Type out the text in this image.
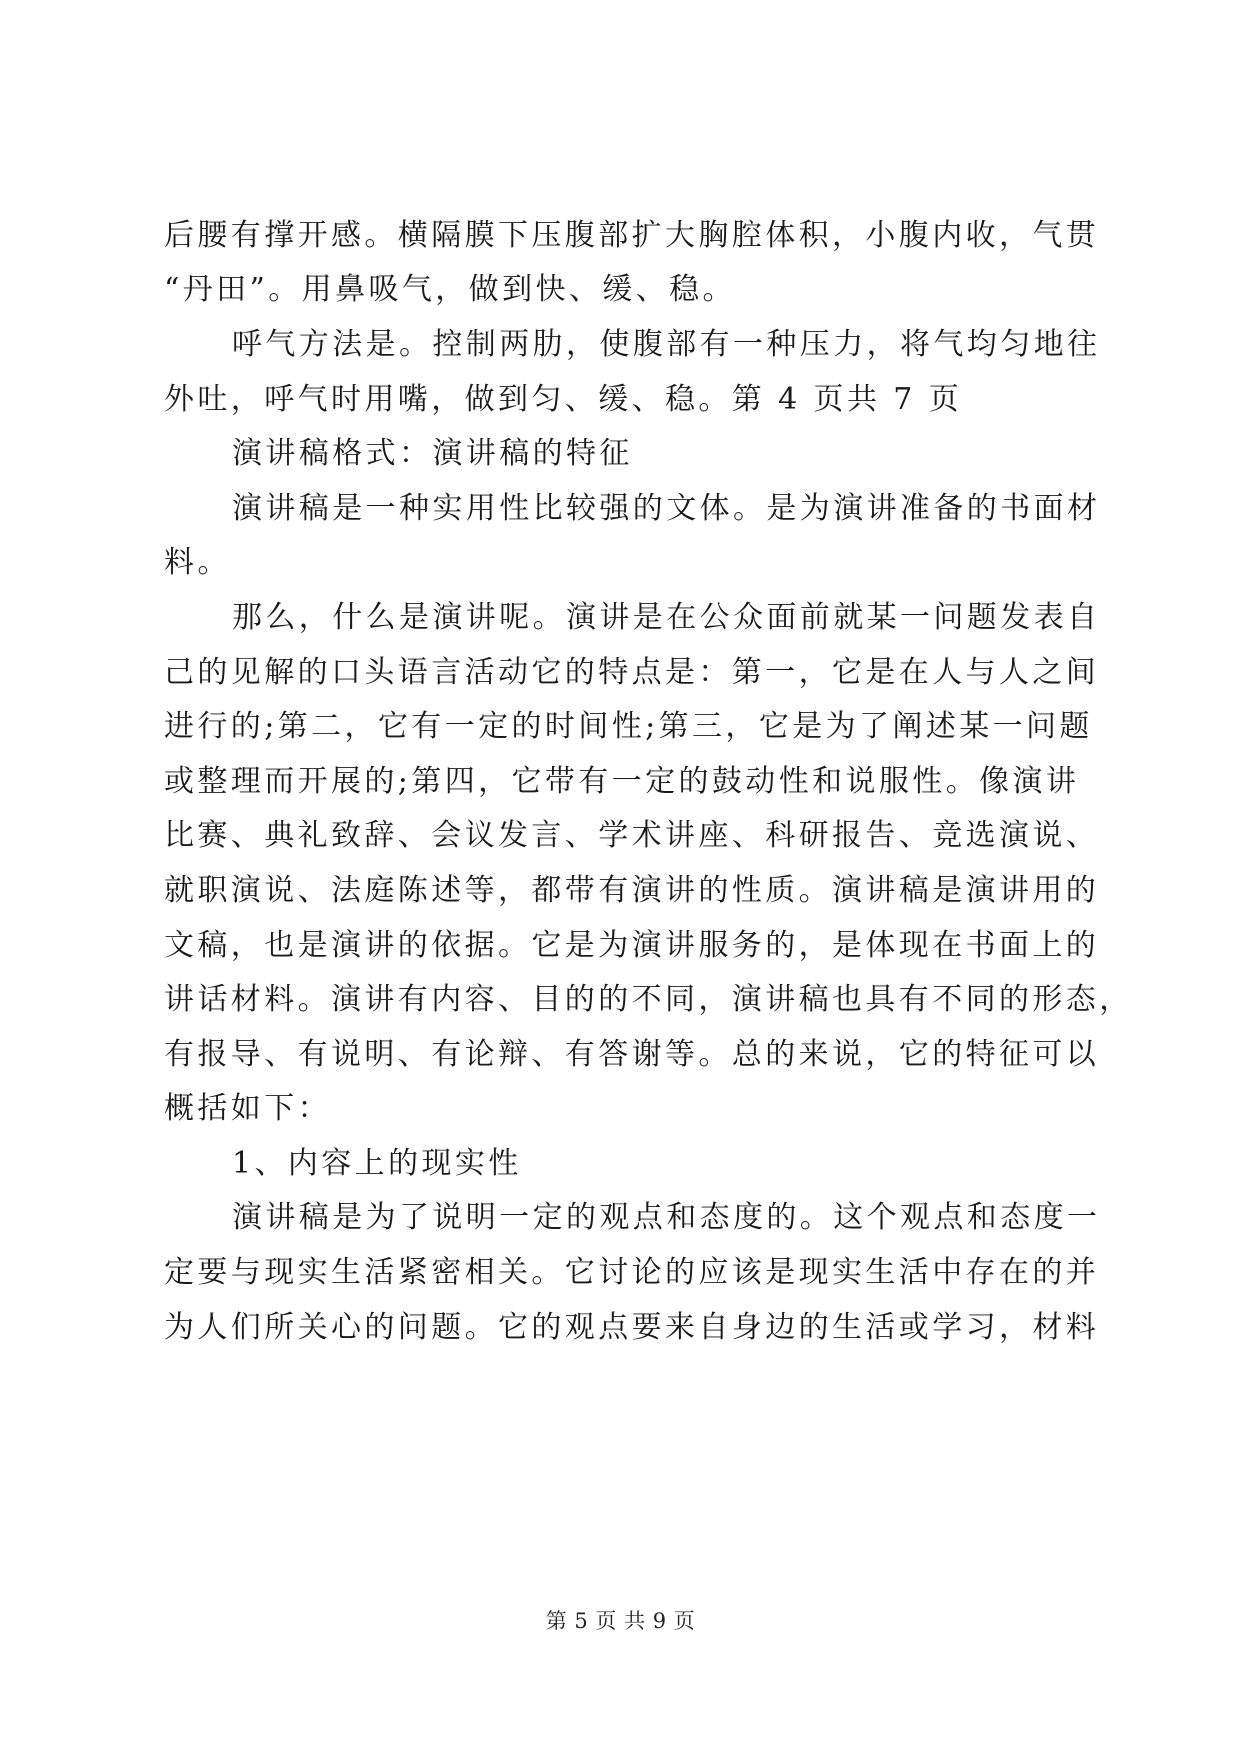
后腰有撑开感。横隔膜下压腹部扩大胸腔体积，小腹内收，气贯
“丹田”。用鼻吸气，做到快、缓、稳。
呼气方法是。控制两肋，使腹部有一种压力，将气均匀地往
外吐，呼气时用嘴，做到匀、缓、稳。第 4 页共 7 页
演讲稿格式：演讲稿的特征
演讲稿是一种实用性比较强的文体。是为演讲准备的书面材
料。
那么，什么是演讲呢。演讲是在公众面前就某一问题发表自
己的见解的口头语言活动它的特点是：第一，它是在人与人之间
进行的;第二，它有一定的时间性;第三，它是为了阐述某一问题
或整理而开展的;第四，它带有一定的鼓动性和说服性。像演讲
比赛、典礼致辞、会议发言、学术讲座、科研报告、竞选演说、
就职演说、法庭陈述等，都带有演讲的性质。演讲稿是演讲用的
文稿，也是演讲的依据。它是为演讲服务的，是体现在书面上的
讲话材料。演讲有内容、目的的不同，演讲稿也具有不同的形态，
有报导、有说明、有论辩、有答谢等。总的来说，它的特征可以
概括如下：
1、内容上的现实性
演讲稿是为了说明一定的观点和态度的。这个观点和态度一
定要与现实生活紧密相关。它讨论的应该是现实生活中存在的并
为人们所关心的问题。它的观点要来自身边的生活或学习，材料
第 5 页 共 9 页
